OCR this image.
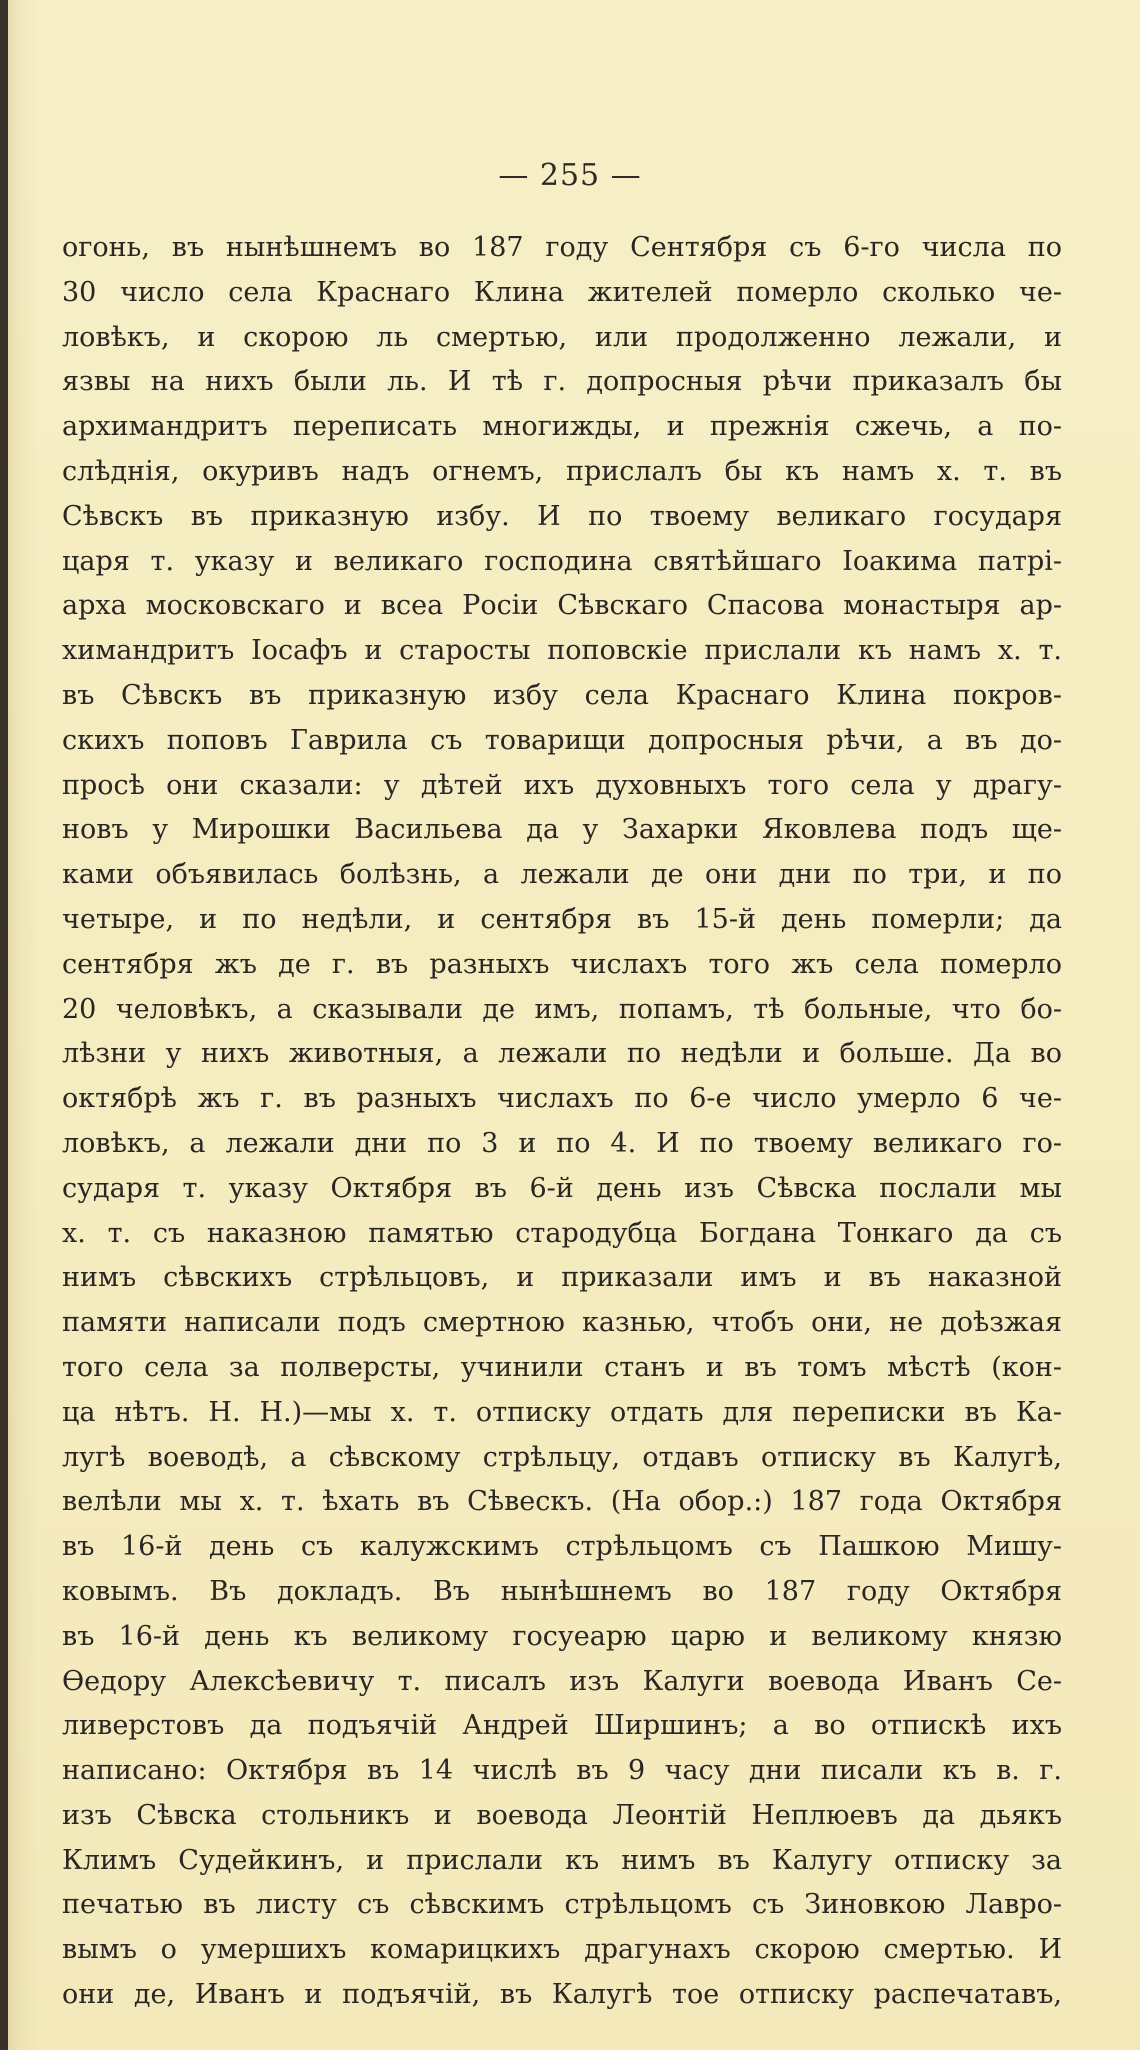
— 255 —
огонь, въ нынѣшнемъ во 187 году Сентября съ 6-го числа по
30 число села Краснаго Клина жителей померло сколько че-
ловѣкъ, и скорою ль смертью, или продолженно лежали, и
язвы на нихъ были ль. И тѣ г. допросныя рѣчи приказалъ бы
архимандритъ переписать многижды, и прежнія сжечь, а по-
слѣднія, окуривъ надъ огнемъ, прислалъ бы къ намъ х. т. въ
Сѣвскъ въ приказную избу. И по твоему великаго государя
царя т. указу и великаго господина святѣйшаго Іоакима патрі-
арха московскаго и всеа Росіи Сѣвскаго Спасова монастыря ар-
химандритъ Іосафъ и старосты поповскіе прислали къ намъ х. т.
въ Сѣвскъ въ приказную избу села Краснаго Клина покров-
скихъ поповъ Гаврила съ товарищи допросныя рѣчи, а въ до-
просѣ они сказали: у дѣтей ихъ духовныхъ того села у драгу-
новъ у Мирошки Васильева да у Захарки Яковлева подъ ще-
ками объявилась болѣзнь, а лежали де они дни по три, и по
четыре, и по недѣли, и сентября въ 15-й день померли; да
сентября жъ де г. въ разныхъ числахъ того жъ села померло
20 человѣкъ, а сказывали де имъ, попамъ, тѣ больные, что бо-
лѣзни у нихъ животныя, а лежали по недѣли и больше. Да во
октябрѣ жъ г. въ разныхъ числахъ по 6-е число умерло 6 че-
ловѣкъ, а лежали дни по 3 и по 4. И по твоему великаго го-
сударя т. указу Октября въ 6-й день изъ Сѣвска послали мы
х. т. съ наказною памятью стародубца Богдана Тонкаго да съ
нимъ сѣвскихъ стрѣльцовъ, и приказали имъ и въ наказной
памяти написали подъ смертною казнью, чтобъ они, не доѣзжая
того села за полверсты, учинили станъ и въ томъ мѣстѣ (кон-
ца нѣтъ. Н. Н.)—мы х. т. отписку отдать для переписки въ Ка-
лугѣ воеводѣ, а сѣвскому стрѣльцу, отдавъ отписку въ Калугѣ,
велѣли мы х. т. ѣхать въ Сѣвескъ. (На обор.:) 187 года Октября
въ 16-й день съ калужскимъ стрѣльцомъ съ Пашкою Мишу-
ковымъ. Въ докладъ. Въ нынѣшнемъ во 187 году Октября
въ 16-й день къ великому госуеарю царю и великому князю
Ѳедору Алексѣевичу т. писалъ изъ Калуги воевода Иванъ Се-
ливерстовъ да подъячій Андрей Ширшинъ; а во отпискѣ ихъ
написано: Октября въ 14 числѣ въ 9 часу дни писали къ в. г.
изъ Сѣвска стольникъ и воевода Леонтій Неплюевъ да дьякъ
Климъ Судейкинъ, и прислали къ нимъ въ Калугу отписку за
печатью въ листу съ сѣвскимъ стрѣльцомъ съ Зиновкою Лавро-
вымъ о умершихъ комарицкихъ драгунахъ скорою смертью. И
они де, Иванъ и подъячій, въ Калугѣ тое отписку распечатавъ,
